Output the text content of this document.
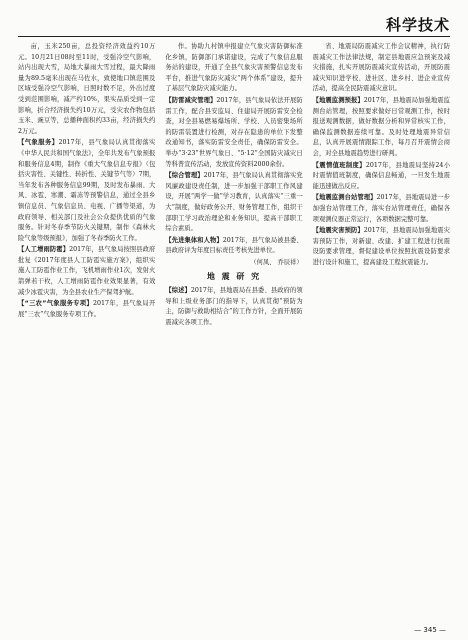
科学技术

亩，玉米250亩，总投资经济效益约10万元。10月21日08时至11时，受强冷空气影响，站内出现大雪，局地大暴雨大雪过程，最大降雨量为89.5毫米出现在马佐水，致使地口镇范围及区域受强冷空气影响，日照时数不足，外出过度受到范围影响，减产约10%，果实品质受到一定影响，折合经济损失约10万元，受灾农作物包括玉米、豌豆等，总播种面积约33亩，经济损失约2万元。

【气象服务】2017年，县气象局认真贯彻落实《中华人民共和国气象法》，全年共发布气象预报和服务信息4期，制作《重大气象信息专报》（包括灾害性、关键性、转折性、关键节气等）7期，当年发布各种服务信息99期，及时发布暴雨、大风、冰雹、寒潮、霜冻等预警信息，通过全县乡镇信息员、气象信息员、电视、广播等渠道，为政府领导、相关部门及社会公众提供优质的气象服务。针对冬春季节防火关键期，制作《森林火险气象等级预报》，加强了冬春季防火工作。

【人工增雨防雹】2017年，县气象局按照县政府批复《2017年度县人工防雹实施方案》，组织实施人工防雹作业工作，飞机增雨作业1次，发射火箭弹若干枚，人工增雨防雹作业效果显著，有效减少冰雹灾害，为全县农业生产保驾护航。

【“三农”气象服务专项】2017年，县气象局开展“三农”气象服务专项工作。

作。协助九村镇申报建立气象灾害防御标准化乡镇，防御部门承诺建设，完成了气象信息服务站的建设，开通了全县气象灾害预警信息发布平台，推进气象防灾减灾“两个体系”建设，提升了基层气象防灾减灾能力。

【防雷减灾管理】2017年，县气象局依法开展防雷工作，配合县安监局、住建局开展防雷安全检查，对全县易燃易爆场所、学校、人员密集场所的防雷装置进行检测，对存在隐患的单位下发整改通知书，落实防雷安全责任，确保防雷安全。举办“3·23”世界气象日、“5·12”全国防灾减灾日等科普宣传活动，发放宣传资料2000余份。

【综合管理】2017年，县气象局认真贯彻落实党风廉政建设责任制，进一步加强干部职工作风建设，开展“两学一做”学习教育，认真落实“三重一大”制度，做好政务公开、财务管理工作，组织干部职工学习政治理论和业务知识，提高干部职工综合素质。

【先进集体和人物】2017年，县气象局被县委、县政府评为年度目标责任考核先进单位。

（何凤、 乔辰祥）

地 震 研 究

【综述】2017年，县地震局在县委、县政府的领导和上级业务部门的指导下，认真贯彻“预防为主，防御与救助相结合”的工作方针，全面开展防震减灾各项工作。

省、地震局防震减灾工作会议精神，执行防震减灾工作法律法规，制定县地震应急预案及减灾措施，扎实开展防震减灾宣传活动，开展防震减灾知识进学校、进社区、进乡村、进企业宣传活动，提高全民防震减灾意识。

【地震监测预报】2017年，县地震局加强地震监测台站管理，按照要求做好日常观测工作，按时报送观测数据，做好数据分析和异常核实工作，确保监测数据连续可靠。及时处理地震异常信息，认真开展震情跟踪工作，每月召开震情会商会，对全县地震趋势进行研判。

【震情值班制度】2017年，县地震局坚持24小时震情值班制度，确保信息畅通，一旦发生地震能迅速做出反应。

【地震监测台站管理】2017年，县地震局进一步加强台站管理工作，落实台站管理责任，确保各项观测仪器正常运行，各项数据完整可靠。

【地震灾害预防】2017年，县地震局加强地震灾害预防工作，对新建、改建、扩建工程进行抗震设防要求管理，督促建设单位按照抗震设防要求进行设计和施工，提高建设工程抗震能力。

— 345 —
